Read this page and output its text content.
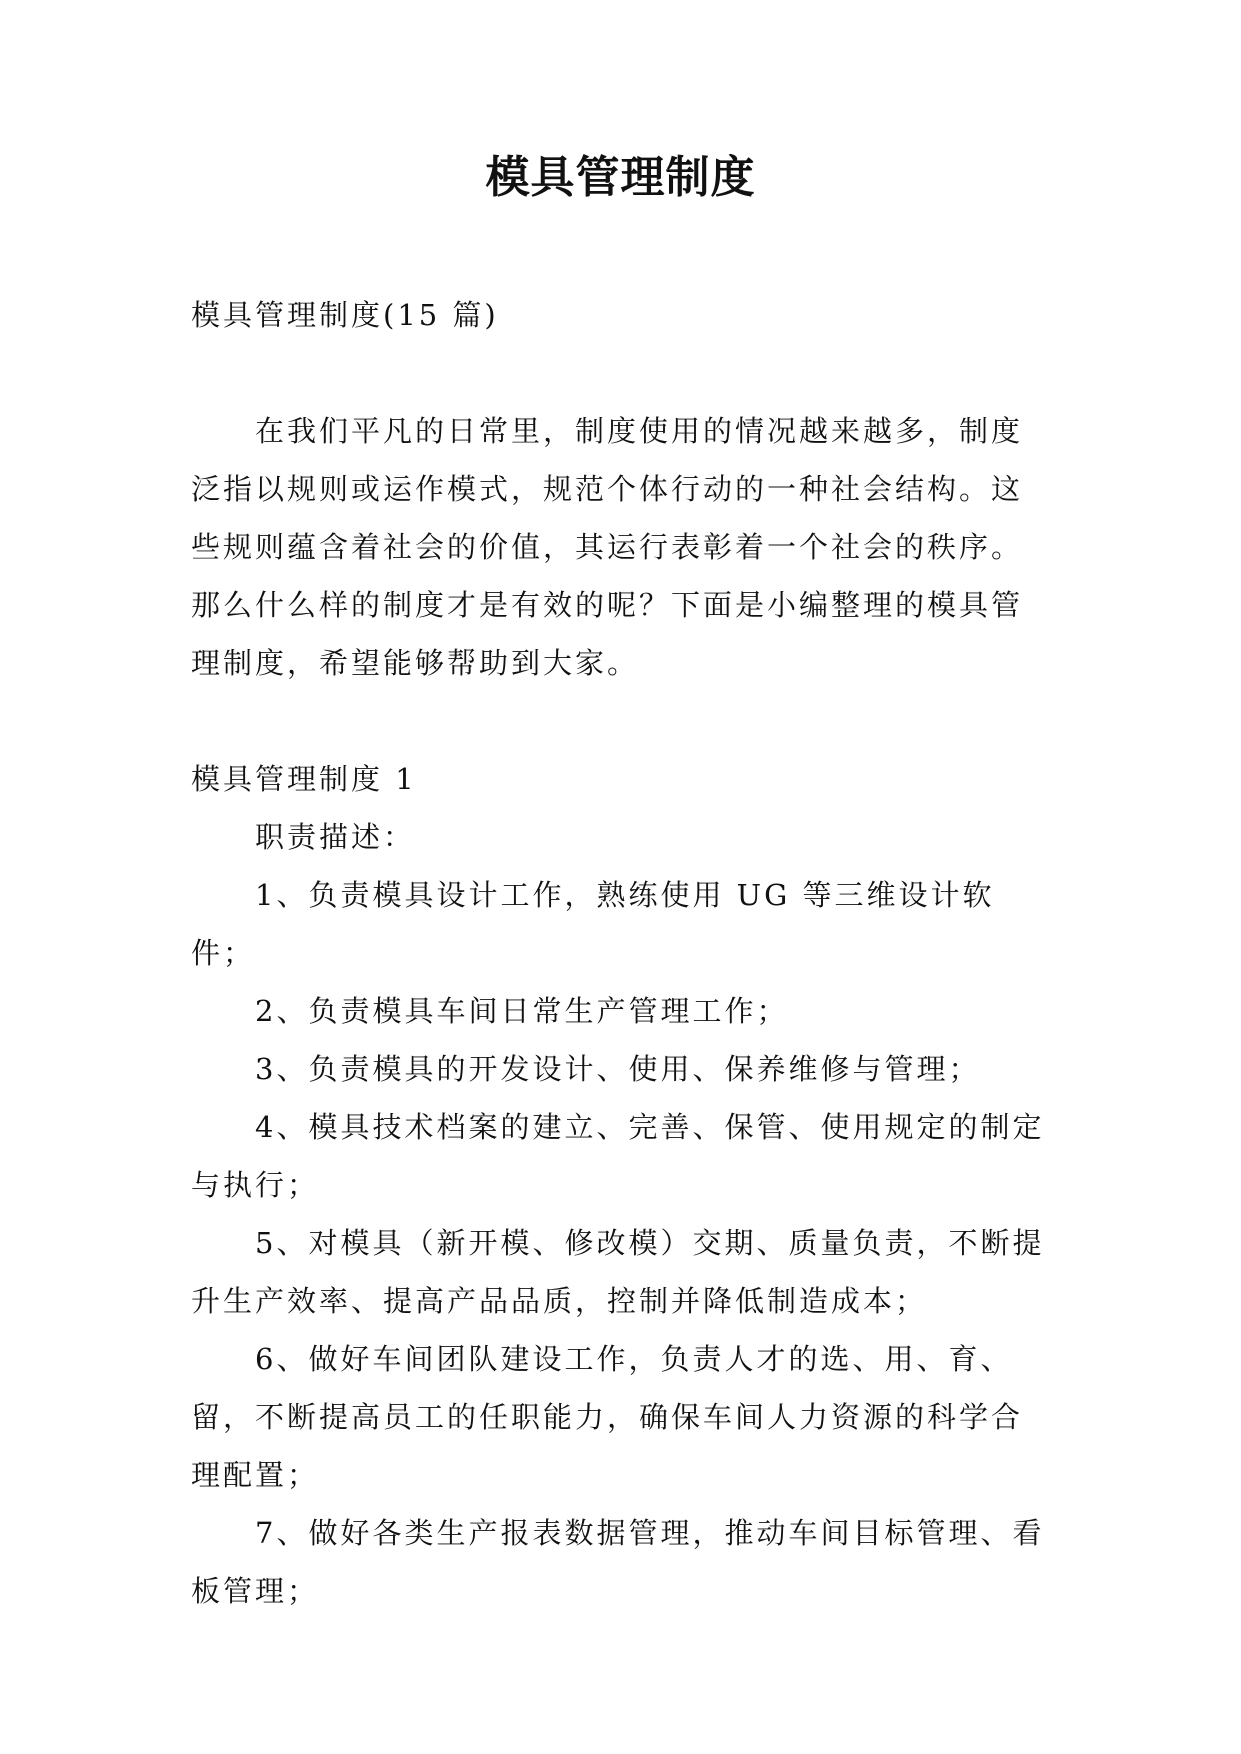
模具管理制度

模具管理制度(15 篇)

在我们平凡的日常里，制度使用的情况越来越多，制度泛指以规则或运作模式，规范个体行动的一种社会结构。这些规则蕴含着社会的价值，其运行表彰着一个社会的秩序。那么什么样的制度才是有效的呢？下面是小编整理的模具管理制度，希望能够帮助到大家。

模具管理制度 1

职责描述：

1、负责模具设计工作，熟练使用 UG 等三维设计软件；

2、负责模具车间日常生产管理工作；

3、负责模具的开发设计、使用、保养维修与管理；

4、模具技术档案的建立、完善、保管、使用规定的制定与执行；

5、对模具（新开模、修改模）交期、质量负责，不断提升生产效率、提高产品品质，控制并降低制造成本；

6、做好车间团队建设工作，负责人才的选、用、育、留，不断提高员工的任职能力，确保车间人力资源的科学合理配置；

7、做好各类生产报表数据管理，推动车间目标管理、看板管理；
